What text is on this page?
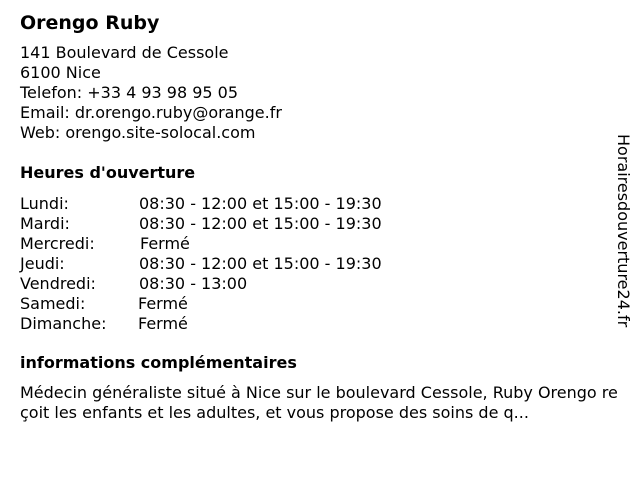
Orengo Ruby

141 Boulevard de Cessole

6100 Nice

Telefon: +33 4 93 98 95 05

Email: dr.orengo.ruby@orange.fr

Web: orengo.site-solocal.com

Heures d'ouverture
Lundi:	08:30 - 12:00 et 15:00 - 19:30
Mardi:	08:30 - 12:00 et 15:00 - 19:30
Mercredi:	Fermé
Jeudi:	08:30 - 12:00 et 15:00 - 19:30
Vendredi:	08:30 - 13:00
Samedi:	Fermé
Dimanche: Fermé
informations complémentaires

Médecin généraliste situé à Nice sur le boulevard Cessole, Ruby Orengo reçoit les enfants et les adultes, et vous propose des soins de q...

Horairesdouverture24.fr
